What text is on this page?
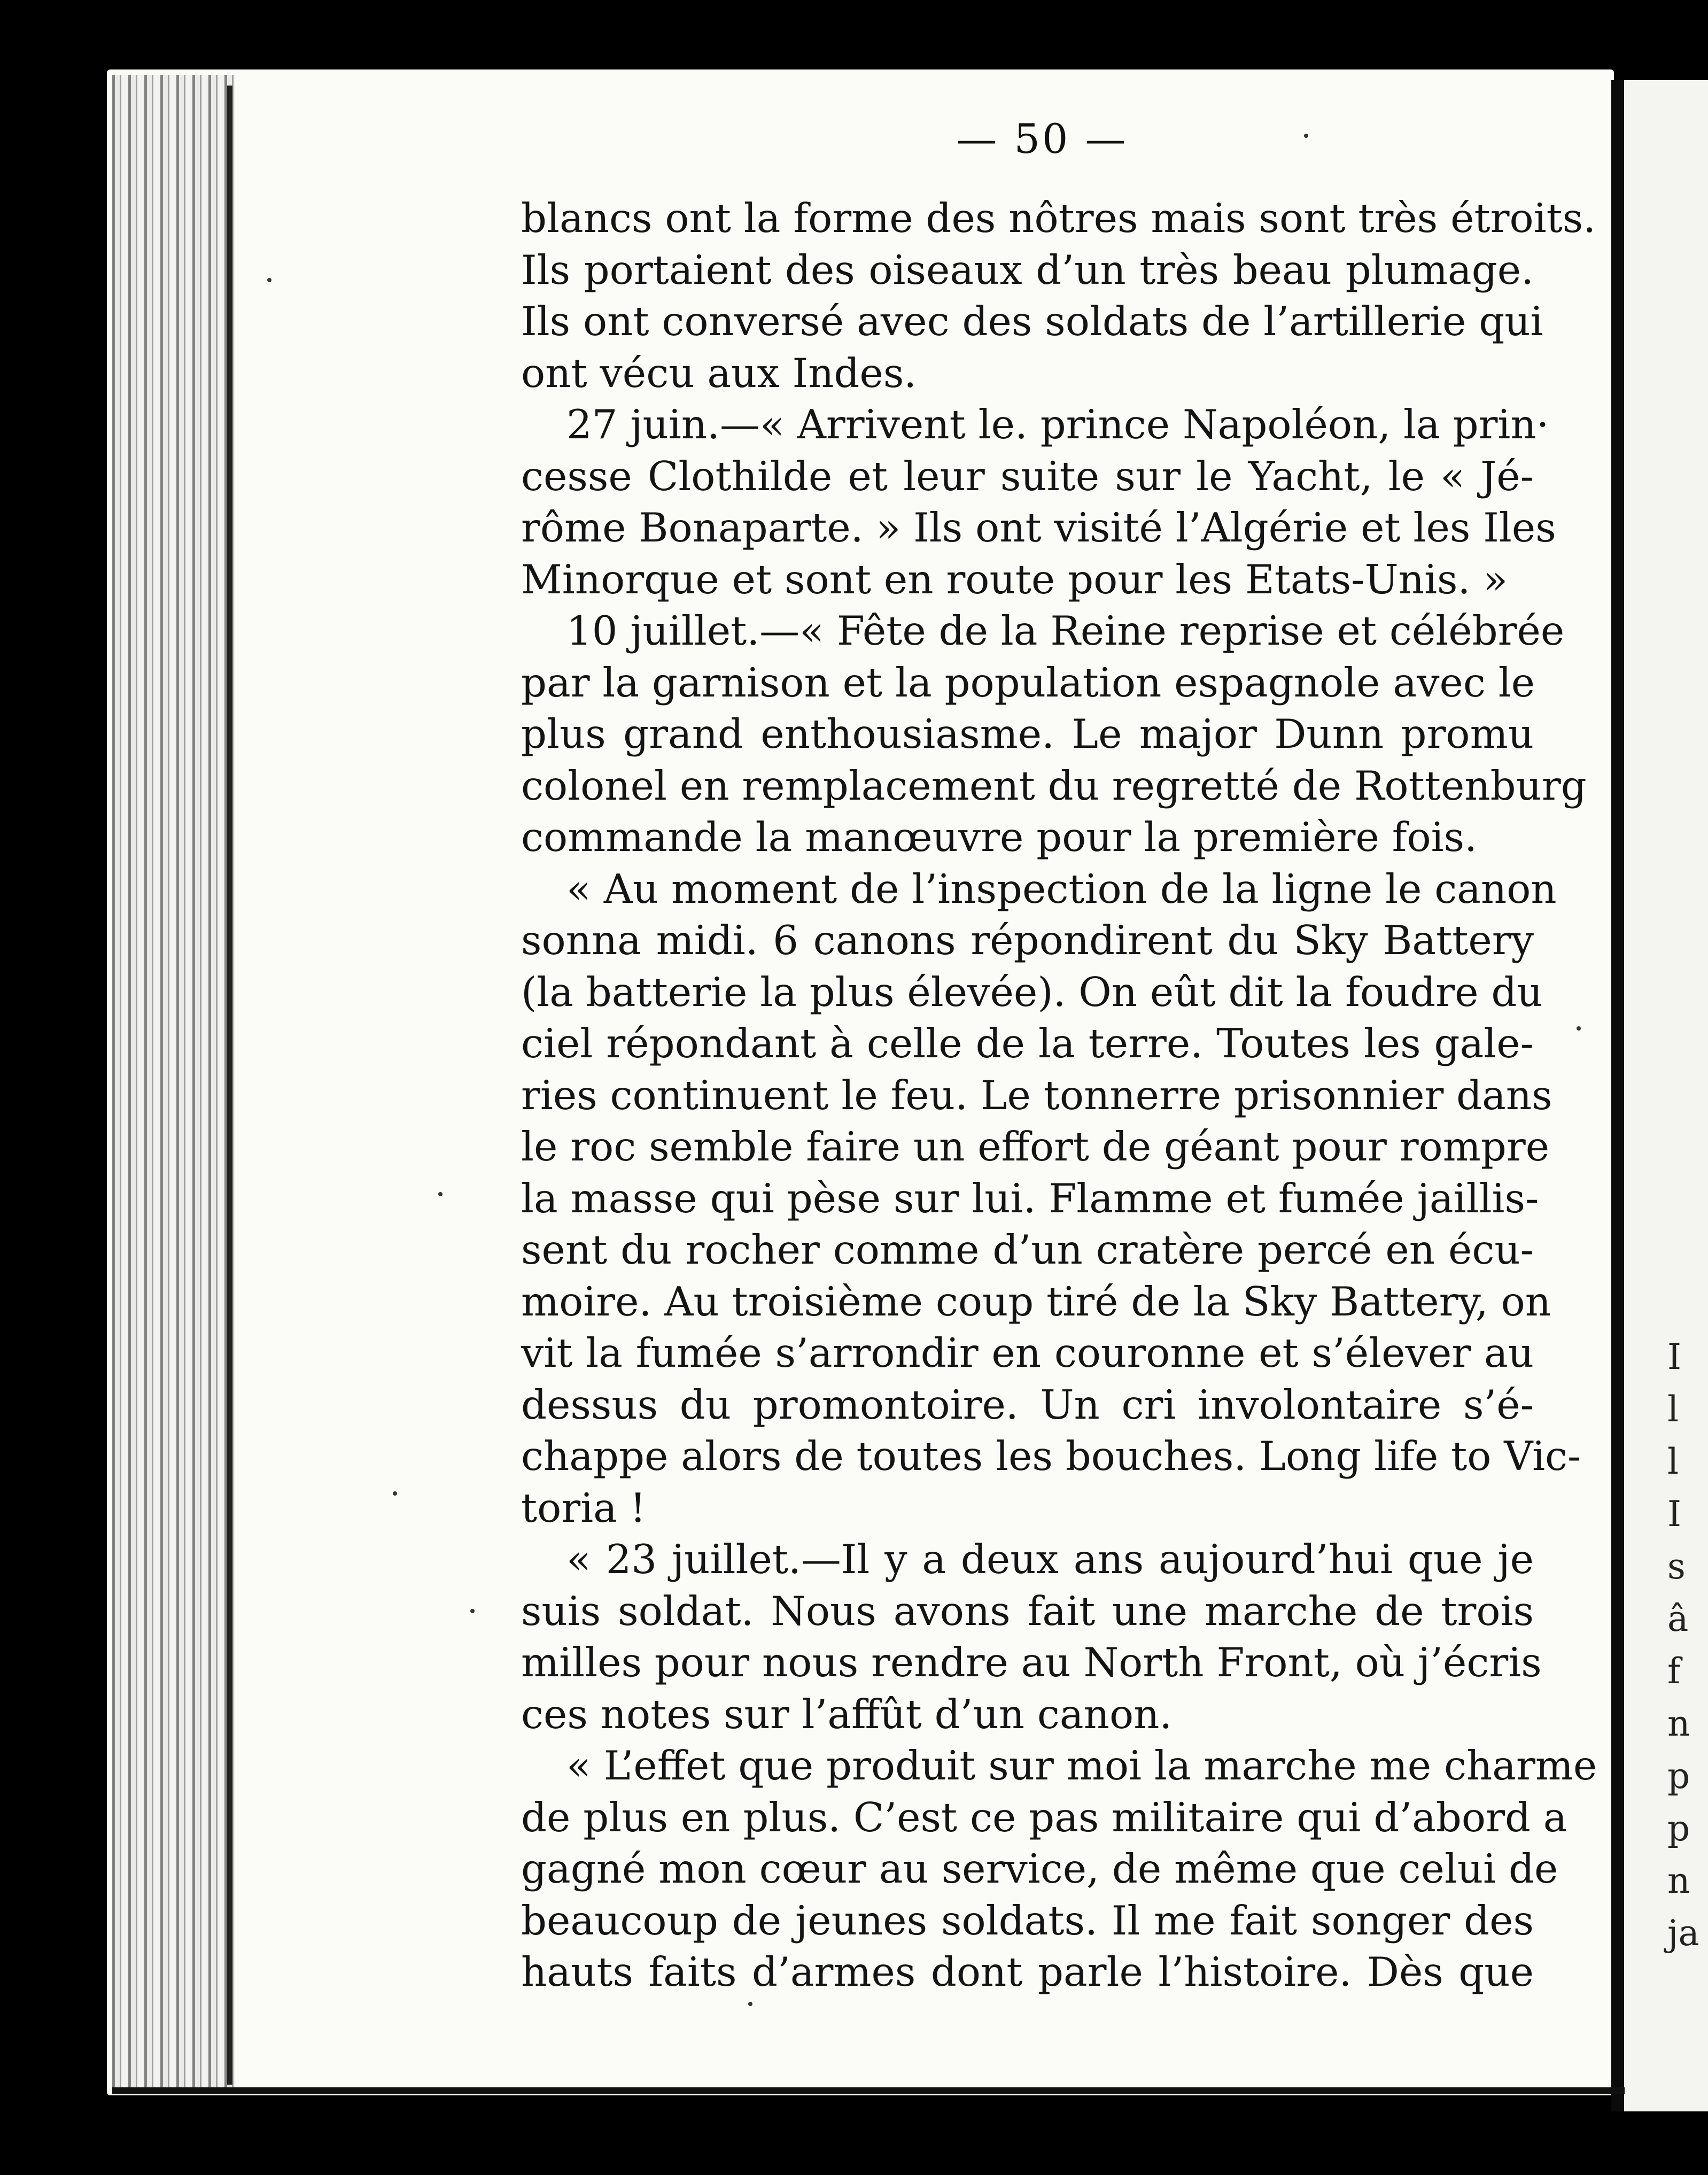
I
l
l
I
s
â
f
n
p
p
n
ja
— 50 —
blancs ont la forme des nôtres mais sont très étroits.
Ils portaient des oiseaux d’un très beau plumage.
Ils ont conversé avec des soldats de l’artillerie qui
ont vécu aux Indes.
27 juin.—« Arrivent le. prince Napoléon, la prin·
cesse Clothilde et leur suite sur le Yacht, le « Jé-
rôme Bonaparte. » Ils ont visité l’Algérie et les Iles
Minorque et sont en route pour les Etats-Unis. »
10 juillet.—« Fête de la Reine reprise et célébrée
par la garnison et la population espagnole avec le
plus grand enthousiasme. Le major Dunn promu
colonel en remplacement du regretté de Rottenburg
commande la manœuvre pour la première fois.
« Au moment de l’inspection de la ligne le canon
sonna midi. 6 canons répondirent du Sky Battery
(la batterie la plus élevée). On eût dit la foudre du
ciel répondant à celle de la terre. Toutes les gale-
ries continuent le feu. Le tonnerre prisonnier dans
le roc semble faire un effort de géant pour rompre
la masse qui pèse sur lui. Flamme et fumée jaillis-
sent du rocher comme d’un cratère percé en écu-
moire. Au troisième coup tiré de la Sky Battery, on
vit la fumée s’arrondir en couronne et s’élever au
dessus du promontoire. Un cri involontaire s’é-
chappe alors de toutes les bouches. Long life to Vic-
toria !
« 23 juillet.—Il y a deux ans aujourd’hui que je
suis soldat. Nous avons fait une marche de trois
milles pour nous rendre au North Front, où j’écris
ces notes sur l’affût d’un canon.
« L’effet que produit sur moi la marche me charme
de plus en plus. C’est ce pas militaire qui d’abord a
gagné mon cœur au service, de même que celui de
beaucoup de jeunes soldats. Il me fait songer des
hauts faits d’armes dont parle l’histoire. Dès que
